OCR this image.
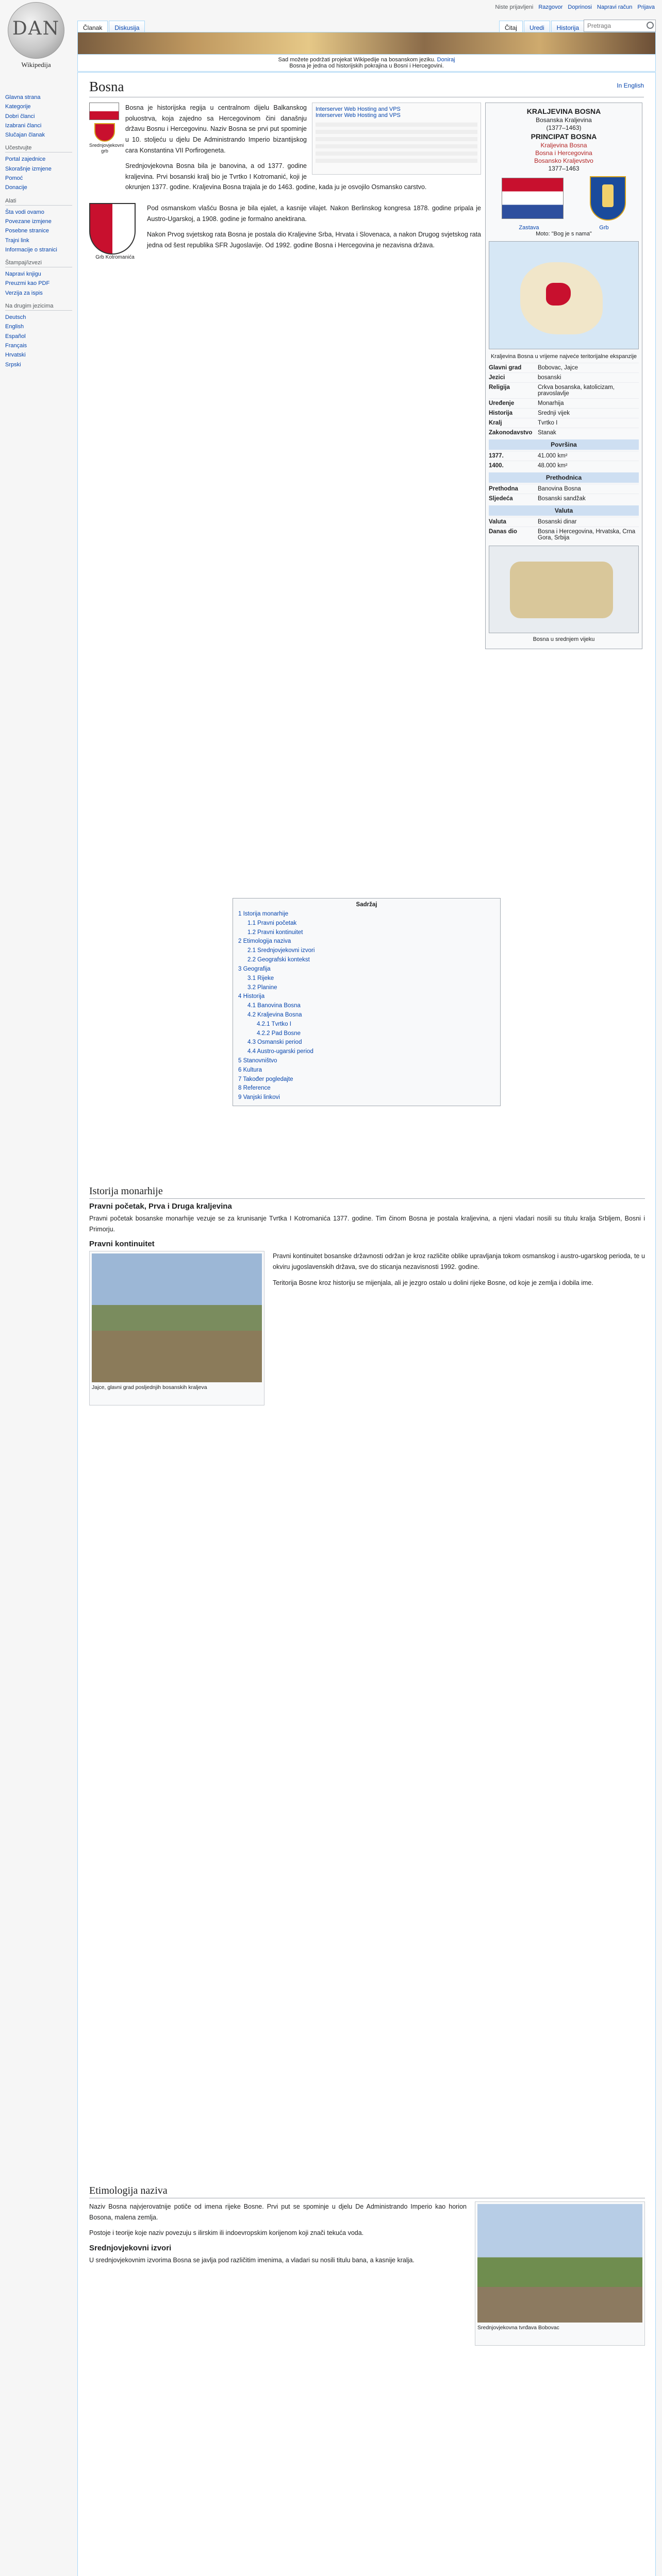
Članak	Diskusija
Niste prijavljeni Razgovor Doprinosi Napravi račun Prijava
Čitaj	Uredi	Historija
Pretraga
DAN
Wikipedija
Glavna strana
Kategorije
Dobri članci
Izabrani članci
Slučajan članak
Učestvujte
Portal zajednice
Skorašnje izmjene
Pomoć
Donacije
Alati
Šta vodi ovamo
Povezane izmjene
Posebne stranice
Trajni link
Informacije o stranici
Štampaj/izvezi
Napravi knjigu
Preuzmi kao PDF
Verzija za ispis
Na drugim jezicima
Deutsch
English
Español
Français
Hrvatski
Srpski
Sad možete podržati projekat Wikipedije na bosanskom jeziku. Doniraj
Bosna je jedna od historijskih pokrajina u Bosni i Hercegovini.
Bosna	In English
Srednjovjekovni grb
Interserver Web Hosting and VPS
Interserver Web Hosting and VPS

Bosna je historijska regija u centralnom dijelu Balkanskog poluostrva, koja zajedno sa Hercegovinom čini današnju državu Bosnu i Hercegovinu. Naziv Bosna se prvi put spominje u 10. stoljeću u djelu De Administrando Imperio bizantijskog cara Konstantina VII Porfirogeneta.

Srednjovjekovna Bosna bila je banovina, a od 1377. godine kraljevina. Prvi bosanski kralj bio je Tvrtko I Kotromanić, koji je okrunjen 1377. godine. Kraljevina Bosna trajala je do 1463. godine, kada ju je osvojilo Osmansko carstvo.

Grb Kotromanića

Pod osmanskom vlašću Bosna je bila ejalet, a kasnije vilajet. Nakon Berlinskog kongresa 1878. godine pripala je Austro-Ugarskoj, a 1908. godine je formalno anektirana.

Nakon Prvog svjetskog rata Bosna je postala dio Kraljevine Srba, Hrvata i Slovenaca, a nakon Drugog svjetskog rata jedna od šest republika SFR Jugoslavije. Od 1992. godine Bosna i Hercegovina je nezavisna država.

KRALJEVINA BOSNA
Bosanska Kraljevina
(1377–1463)
PRINCIPAT BOSNA
Kraljevina Bosna
Bosna i Hercegovina
Bosansko Kraljevstvo
1377–1463
Zastava	Grb
Moto: "Bog je s nama"
Kraljevina Bosna u vrijeme najveće teritorijalne ekspanzije
Glavni grad	Bobovac, Jajce
Jezici	bosanski
Religija	Crkva bosanska, katolicizam, pravoslavlje
Uređenje	Monarhija
Historija	Srednji vijek
Kralj	Tvrtko I
Zakonodavstvo Stanak
Površina
1377.	41.000 km²
1400.	48.000 km²
Prethodnica
Prethodna	Banovina Bosna
Sljedeća	Bosanski sandžak
Valuta
Valuta	Bosanski dinar
Danas dio	Bosna i Hercegovina, Hrvatska, Crna Gora, Srbija
Bosna u srednjem vijeku
Sadržaj
1 Istorija monarhije
1.1 Pravni početak
1.2 Pravni kontinuitet
2 Etimologija naziva
2.1 Srednjovjekovni izvori
2.2 Geografski kontekst
3 Geografija
3.1 Rijeke
3.2 Planine
4 Historija
4.1 Banovina Bosna
4.2 Kraljevina Bosna
4.2.1 Tvrtko I
4.2.2 Pad Bosne
4.3 Osmanski period
4.4 Austro-ugarski period
5 Stanovništvo
6 Kultura
7 Također pogledajte
8 Reference
9 Vanjski linkovi
Istorija monarhije
Pravni početak, Prva i Druga kraljevina

Pravni početak bosanske monarhije vezuje se za krunisanje Tvrtka I Kotromanića 1377. godine. Tim činom Bosna je postala kraljevina, a njeni vladari nosili su titulu kralja Srbljem, Bosni i Primorju.

Pravni kontinuitet
Jajce, glavni grad posljednjih bosanskih kraljeva

Pravni kontinuitet bosanske državnosti održan je kroz različite oblike upravljanja tokom osmanskog i austro-ugarskog perioda, te u okviru jugoslavenskih država, sve do sticanja nezavisnosti 1992. godine.

Teritorija Bosne kroz historiju se mijenjala, ali je jezgro ostalo u dolini rijeke Bosne, od koje je zemlja i dobila ime.

Etimologija naziva

Naziv Bosna najvjerovatnije potiče od imena rijeke Bosne. Prvi put se spominje u djelu De Administrando Imperio kao horion Bosona, malena zemlja.

Postoje i teorije koje naziv povezuju s ilirskim ili indoevropskim korijenom koji znači tekuća voda.

Srednjovjekovni izvori

U srednjovjekovnim izvorima Bosna se javlja pod različitim imenima, a vladari su nosili titulu bana, a kasnije kralja.

Srednjovjekovna tvrđava Bobovac
